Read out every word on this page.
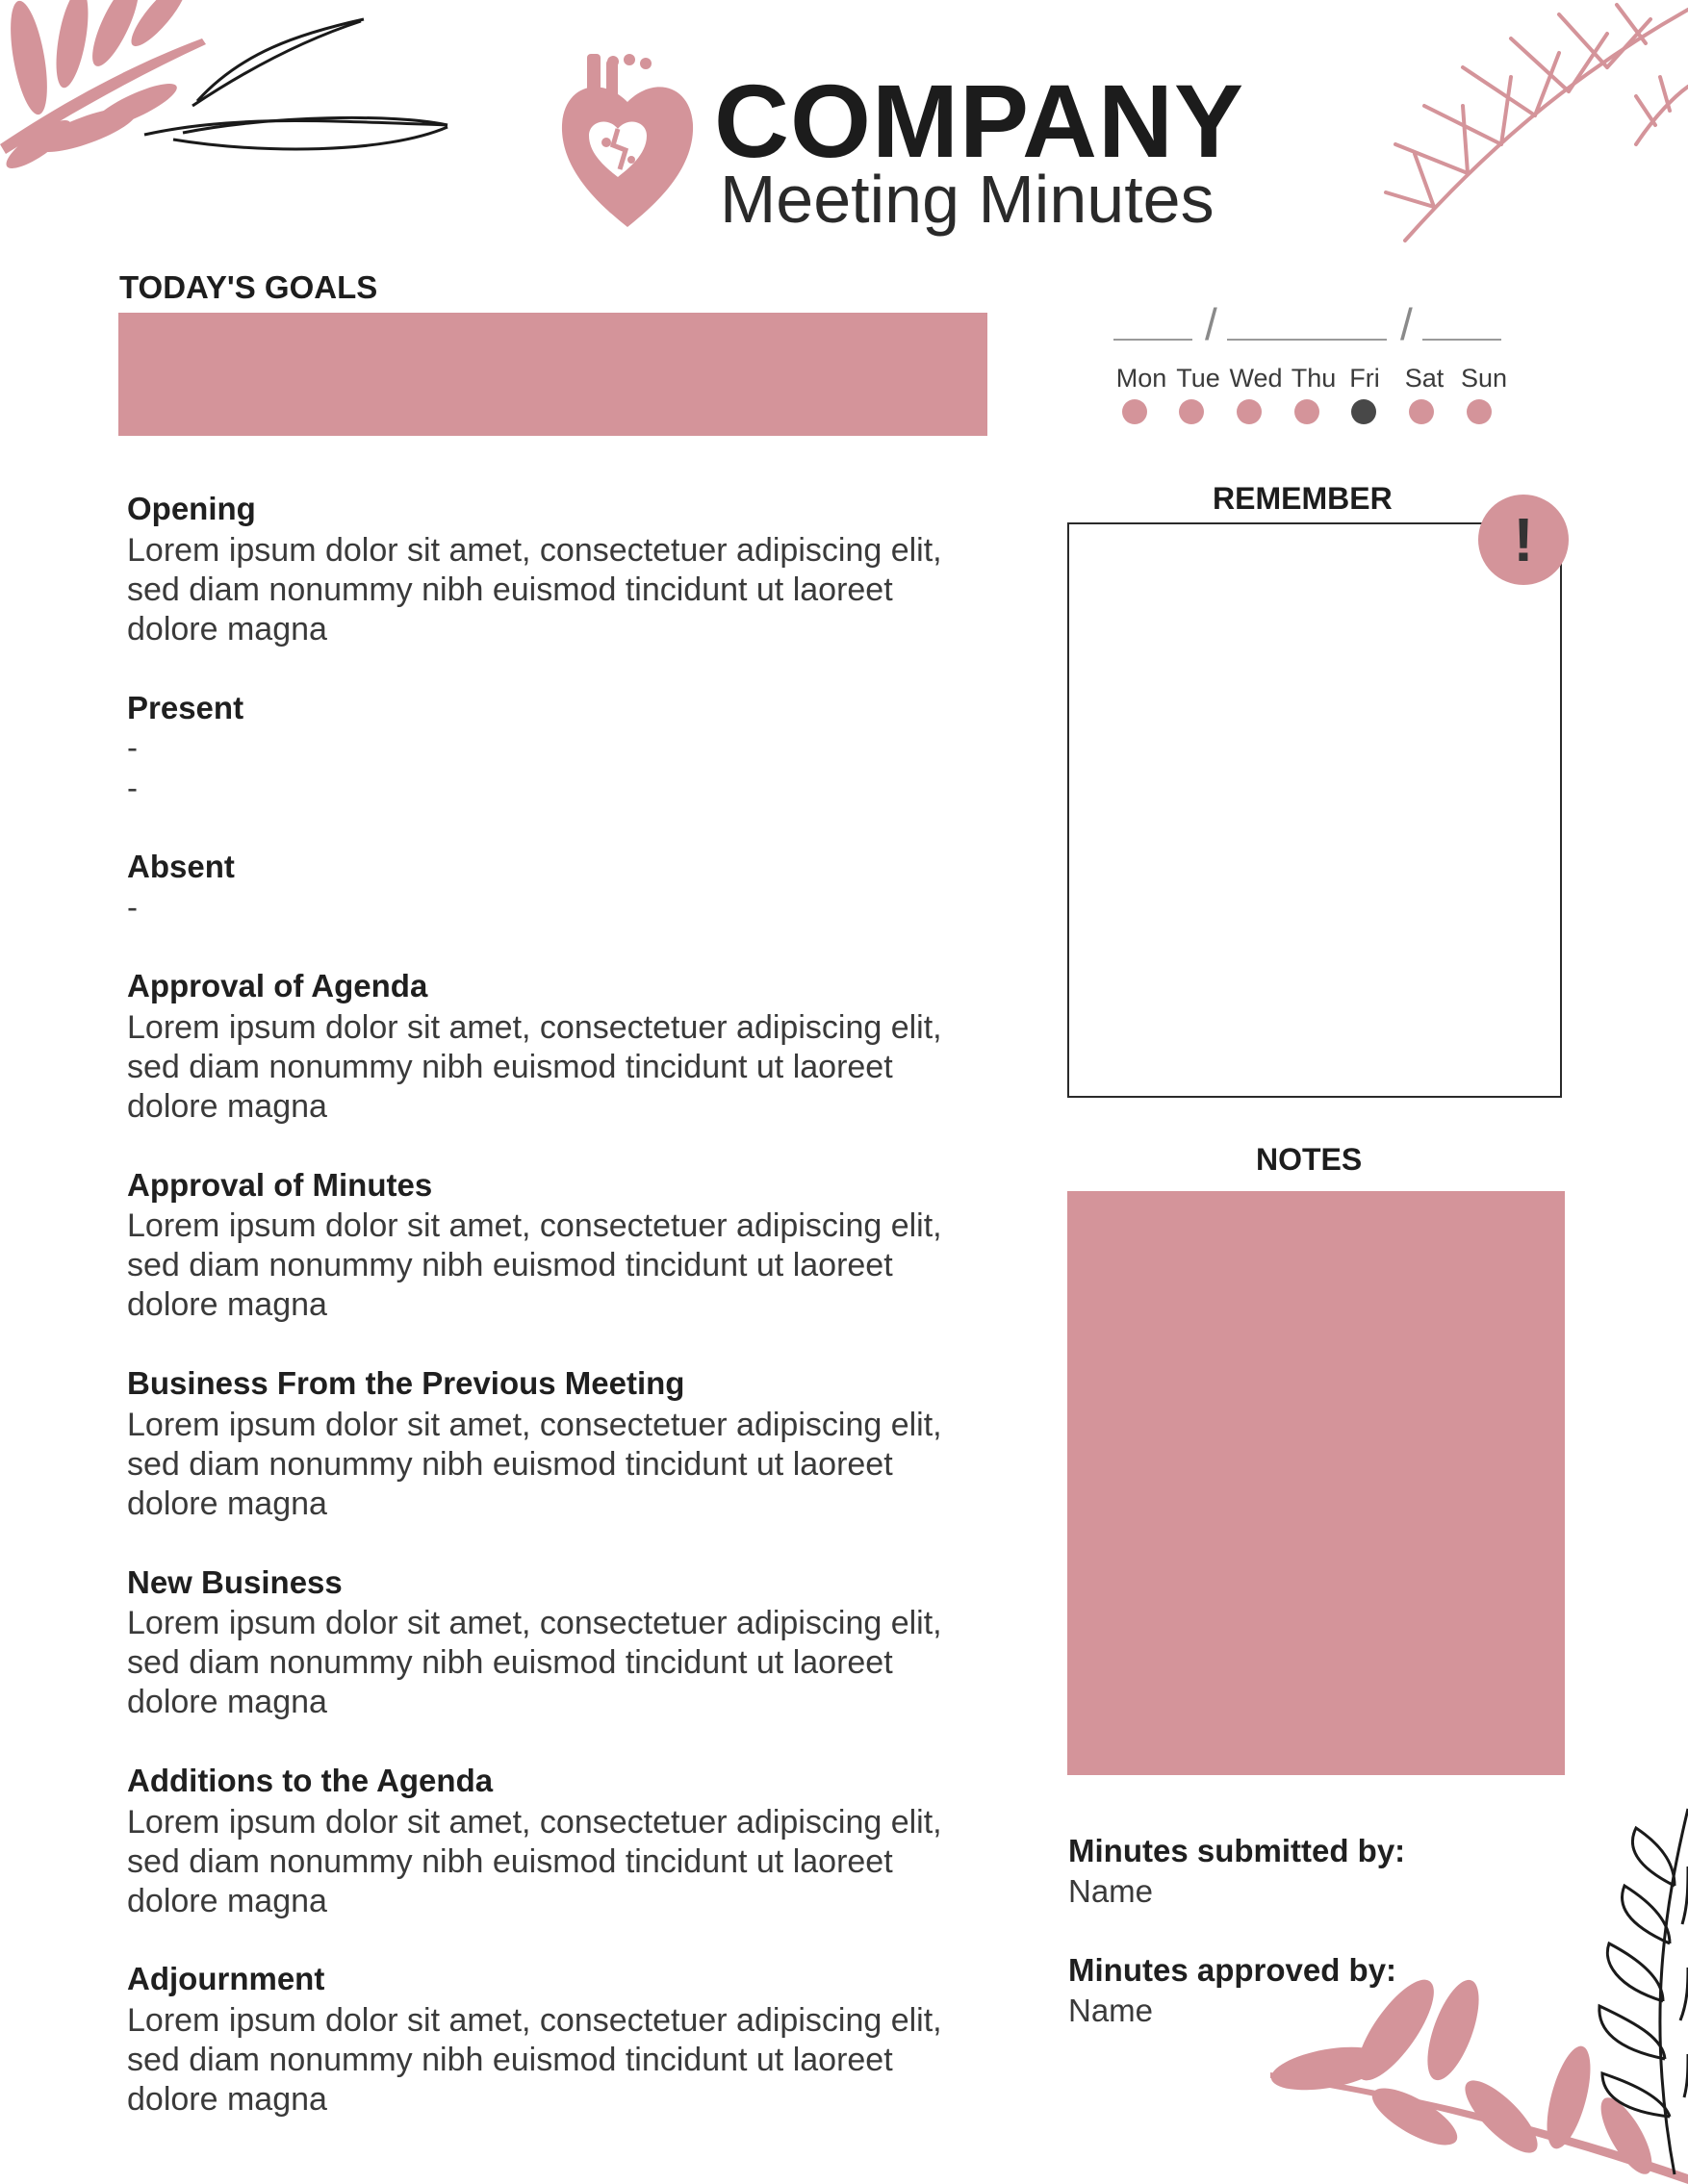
COMPANY
Meeting Minutes
TODAY'S GOALS
/	/
Mon Tue Wed Thu Fri Sat Sun
Opening
Lorem ipsum dolor sit amet, consectetuer adipiscing elit, sed diam nonummy nibh euismod tincidunt ut laoreet dolore magna
Present
-
-
Absent
-
Approval of Agenda
Lorem ipsum dolor sit amet, consectetuer adipiscing elit, sed diam nonummy nibh euismod tincidunt ut laoreet dolore magna
Approval of Minutes
Lorem ipsum dolor sit amet, consectetuer adipiscing elit, sed diam nonummy nibh euismod tincidunt ut laoreet dolore magna
Business From the Previous Meeting
Lorem ipsum dolor sit amet, consectetuer adipiscing elit, sed diam nonummy nibh euismod tincidunt ut laoreet dolore magna
New Business
Lorem ipsum dolor sit amet, consectetuer adipiscing elit, sed diam nonummy nibh euismod tincidunt ut laoreet dolore magna
Additions to the Agenda
Lorem ipsum dolor sit amet, consectetuer adipiscing elit, sed diam nonummy nibh euismod tincidunt ut laoreet dolore magna
Adjournment
Lorem ipsum dolor sit amet, consectetuer adipiscing elit, sed diam nonummy nibh euismod tincidunt ut laoreet dolore magna
REMEMBER
!
NOTES
Minutes submitted by:
Name
Minutes approved by:
Name
